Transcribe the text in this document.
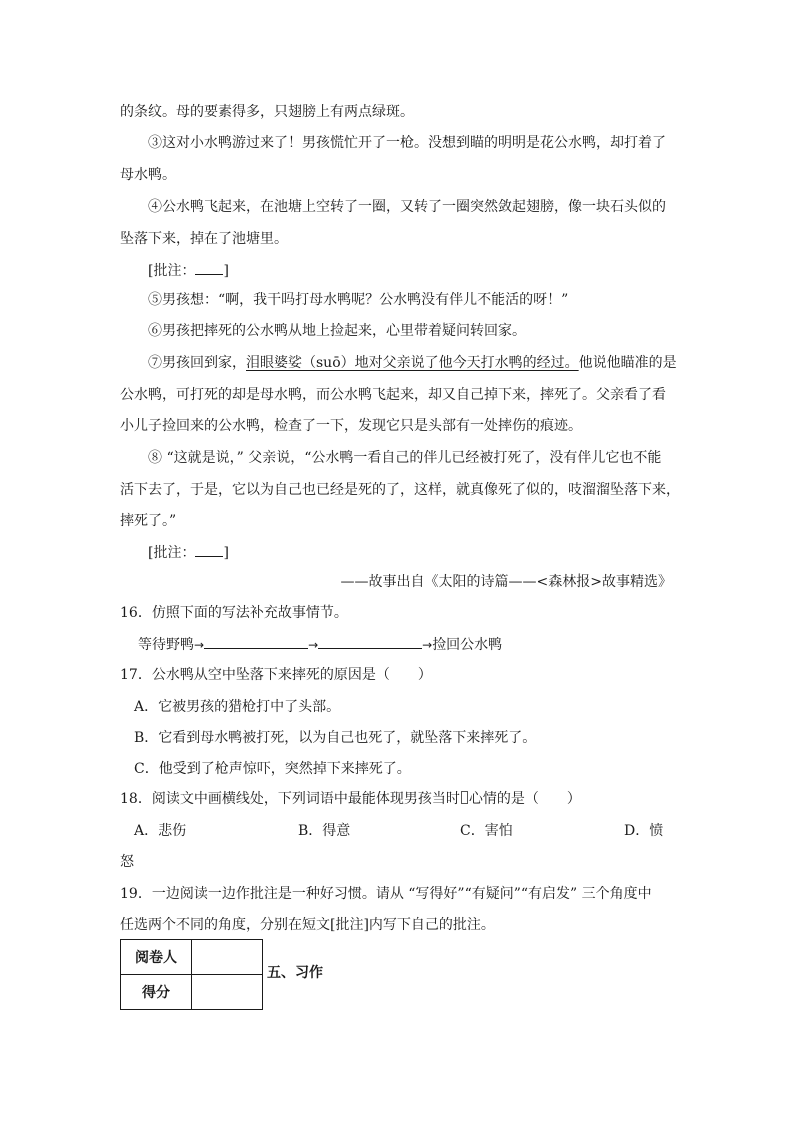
的条纹。母的要素得多，只翅膀上有两点绿斑。
③这对小水鸭游过来了！男孩慌忙开了一枪。没想到瞄的明明是花公水鸭，却打着了
母水鸭。
④公水鸭飞起来，在池塘上空转了一圈，又转了一圈突然敛起翅膀，像一块石头似的
坠落下来，掉在了池塘里。
[批注： ]
⑤男孩想：“啊，我干吗打母水鸭呢？公水鸭没有伴儿不能活的呀！”
⑥男孩把摔死的公水鸭从地上捡起来，心里带着疑问转回家。
⑦男孩回到家，泪眼婆娑（suō）地对父亲说了他今天打水鸭的经过。他说他瞄准的是
公水鸭，可打死的却是母水鸭，而公水鸭飞起来，却又自己掉下来，摔死了。父亲看了看
小儿子捡回来的公水鸭，检查了一下，发现它只是头部有一处摔伤的痕迹。
⑧ “这就是说，” 父亲说，“公水鸭一看自己的伴儿已经被打死了，没有伴儿它也不能
活下去了，于是，它以为自己也已经是死的了，这样，就真像死了似的，吱溜溜坠落下来，
摔死了。”
[批注： ]
——故事出自《太阳的诗篇——<森林报>故事精选》
16．仿照下面的写法补充故事情节。
等待野鸭→	→	→捡回公水鸭
17．公水鸭从空中坠落下来摔死的原因是（　　）
A．它被男孩的猎枪打中了头部。
B．它看到母水鸭被打死，以为自己也死了，就坠落下来摔死了。
C．他受到了枪声惊吓，突然掉下来摔死了。
18．阅读文中画横线处，下列词语中最能体现男孩当时 心情的是（　　）
A．悲伤	B．得意	C．害怕	D．愤
怒
19．一边阅读一边作批注是一种好习惯。请从 “写得好”“有疑问”“有启发” 三个角度中
任选两个不同的角度，分别在短文[批注]内写下自己的批注。
阅卷人	
得分	
五、习作
